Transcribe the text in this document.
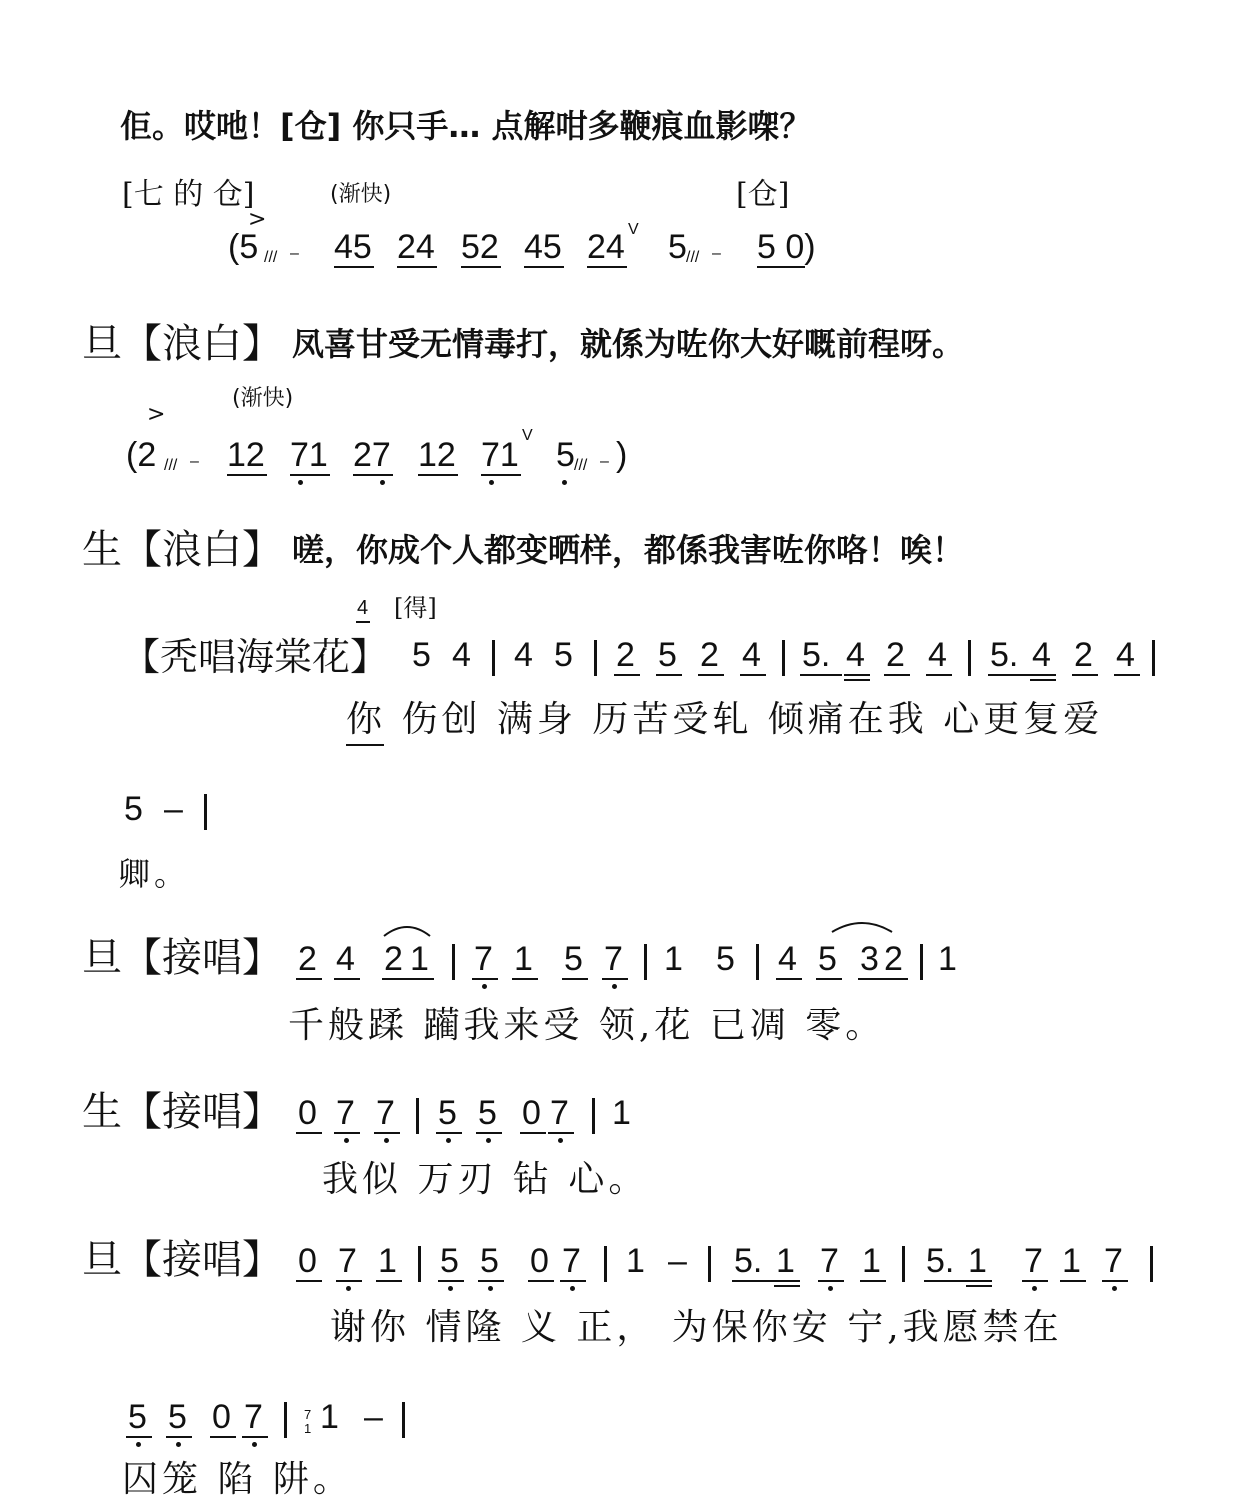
佢。哎吔！[仓] 你只手… 点解咁多鞭痕血影㗎？
[七 的 仓]	(渐快)	[仓]
>
(5 /// – 45 24 52 45 24 V 5 /// – 5 0)
旦【浪白】 凤喜甘受无情毒打，就係为咗你大好嘅前程呀。
(渐快)
>
(2 /// – 12 71 27 12 71
V
5 /// – )
生【浪白】 嗟，你成个人都变晒样，都係我害咗你咯！唉！
4 [得]
【秃唱海棠花】 5 4 4 5 2 5 2 4 5. 4 2 4 5. 4 2 4
你 伤创 满身 历苦受轧 倾痛在我 心更复爱
5 –
卿。
旦【接唱】 2 4 2 1 7 1 5 7 1 5 4 5 3 2 1
千般蹂 躏我来受 领,花 已凋 零。
生【接唱】 0 7 7 5 5 0 7 1
我似 万刃 钻 心。
旦【接唱】 0 7 1 5 5 0 7 1 – 5. 1 7 1 5. 1 7 1 7
谢你 情隆 义 正， 为保你安 宁,我愿禁在
5 5 0 7 1 –
7
1
囚笼 陷 阱。
